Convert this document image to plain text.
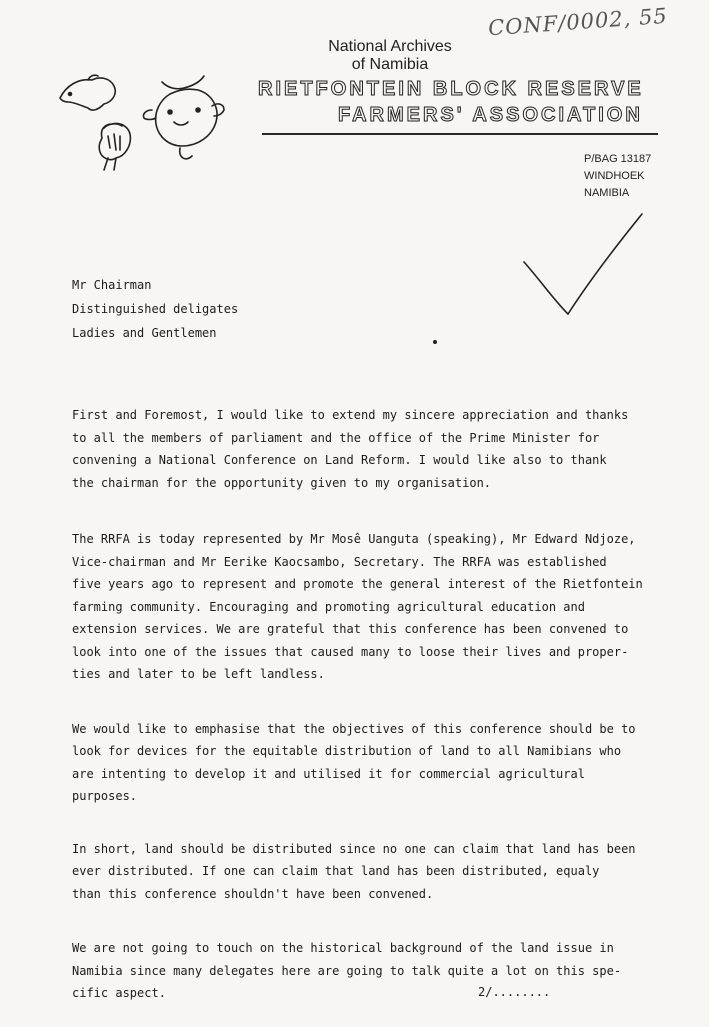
CONF/0002, 55
National Archives
of Namibia
RIETFONTEIN BLOCK RESERVE
FARMERS' ASSOCIATION
P/BAG 13187
WINDHOEK
NAMIBIA
Mr Chairman
Distinguished deligates
Ladies and Gentlemen

First and Foremost, I would like to extend my sincere appreciation and thanks
to all the members of parliament and the office of the Prime Minister for
convening a National Conference on Land Reform. I would like also to thank
the chairman for the opportunity given to my organisation.

The RRFA is today represented by Mr Mosê Uanguta (speaking), Mr Edward Ndjoze,
Vice-chairman and Mr Eerike Kaocsambo, Secretary. The RRFA was established
five years ago to represent and promote the general interest of the Rietfontein
farming community. Encouraging and promoting agricultural education and
extension services. We are grateful that this conference has been convened to
look into one of the issues that caused many to loose their lives and proper-
ties and later to be left landless.

We would like to emphasise that the objectives of this conference should be to
look for devices for the equitable distribution of land to all Namibians who
are intenting to develop it and utilised it for commercial agricultural
purposes.

In short, land should be distributed since no one can claim that land has been
ever distributed. If one can claim that land has been distributed, equaly
than this conference shouldn't have been convened.

We are not going to touch on the historical background of the land issue in
Namibia since many delegates here are going to talk quite a lot on this spe-
cific aspect.	2/........
